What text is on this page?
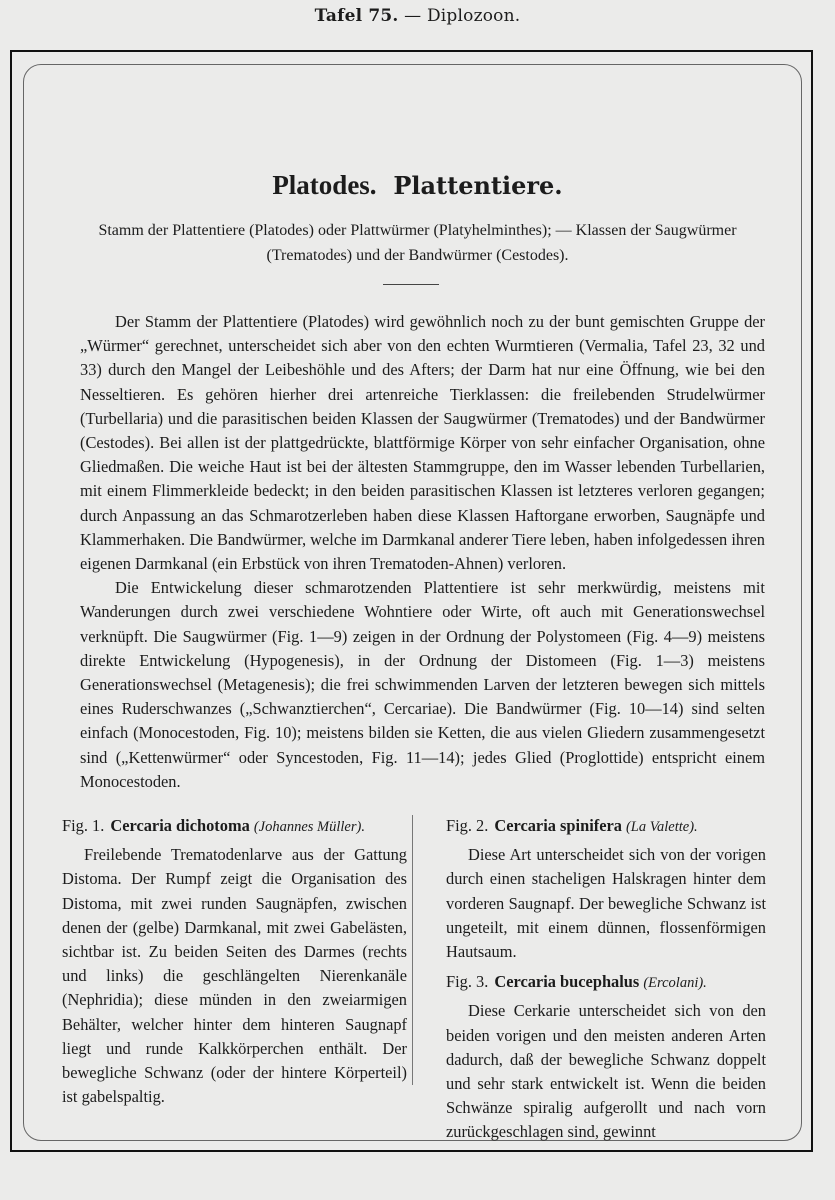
Tafel 75. — Diplozoon.
Platodes. Plattentiere.
Stamm der Plattentiere (Platodes) oder Plattwürmer (Platyhelminthes); — Klassen der Saugwürmer (Trematodes) und der Bandwürmer (Cestodes).

Der Stamm der Plattentiere (Platodes) wird gewöhnlich noch zu der bunt gemischten Gruppe der „Würmer“ gerechnet, unterscheidet sich aber von den echten Wurmtieren (Vermalia, Tafel 23, 32 und 33) durch den Mangel der Leibeshöhle und des Afters; der Darm hat nur eine Öffnung, wie bei den Nesseltieren. Es gehören hierher drei artenreiche Tierklassen: die freilebenden Strudelwürmer (Turbellaria) und die parasitischen beiden Klassen der Saugwürmer (Trematodes) und der Bandwürmer (Cestodes). Bei allen ist der plattgedrückte, blattförmige Körper von sehr einfacher Organisation, ohne Gliedmaßen. Die weiche Haut ist bei der ältesten Stammgruppe, den im Wasser lebenden Turbellarien, mit einem Flimmerkleide bedeckt; in den beiden parasitischen Klassen ist letzteres verloren gegangen; durch Anpassung an das Schmarotzerleben haben diese Klassen Haftorgane erworben, Saugnäpfe und Klammerhaken. Die Bandwürmer, welche im Darmkanal anderer Tiere leben, haben infolgedessen ihren eigenen Darmkanal (ein Erbstück von ihren Trematoden-Ahnen) verloren.

Die Entwickelung dieser schmarotzenden Plattentiere ist sehr merkwürdig, meistens mit Wanderungen durch zwei verschiedene Wohntiere oder Wirte, oft auch mit Generationswechsel verknüpft. Die Saugwürmer (Fig. 1—9) zeigen in der Ordnung der Polystomeen (Fig. 4—9) meistens direkte Entwickelung (Hypogenesis), in der Ordnung der Distomeen (Fig. 1—3) meistens Generationswechsel (Metagenesis); die frei schwimmenden Larven der letzteren bewegen sich mittels eines Ruderschwanzes („Schwanztierchen“, Cercariae). Die Bandwürmer (Fig. 10—14) sind selten einfach (Monocestoden, Fig. 10); meistens bilden sie Ketten, die aus vielen Gliedern zusammengesetzt sind („Kettenwürmer“ oder Syncestoden, Fig. 11—14); jedes Glied (Proglottide) entspricht einem Monocestoden.

Fig. 1. Cercaria dichotoma (Johannes Müller).

Freilebende Trematodenlarve aus der Gattung Distoma. Der Rumpf zeigt die Organisation des Distoma, mit zwei runden Saugnäpfen, zwischen denen der (gelbe) Darmkanal, mit zwei Gabelästen, sichtbar ist. Zu beiden Seiten des Darmes (rechts und links) die geschlängelten Nierenkanäle (Nephridia); diese münden in den zweiarmigen Behälter, welcher hinter dem hinteren Saugnapf liegt und runde Kalkkörperchen enthält. Der bewegliche Schwanz (oder der hintere Körperteil) ist gabelspaltig.

Fig. 2. Cercaria spinifera (La Valette).

Diese Art unterscheidet sich von der vorigen durch einen stacheligen Halskragen hinter dem vorderen Saugnapf. Der bewegliche Schwanz ist ungeteilt, mit einem dünnen, flossenförmigen Hautsaum.

Fig. 3. Cercaria bucephalus (Ercolani).

Diese Cerkarie unterscheidet sich von den beiden vorigen und den meisten anderen Arten dadurch, daß der bewegliche Schwanz doppelt und sehr stark entwickelt ist. Wenn die beiden Schwänze spiralig aufgerollt und nach vorn zurückgeschlagen sind, gewinnt
